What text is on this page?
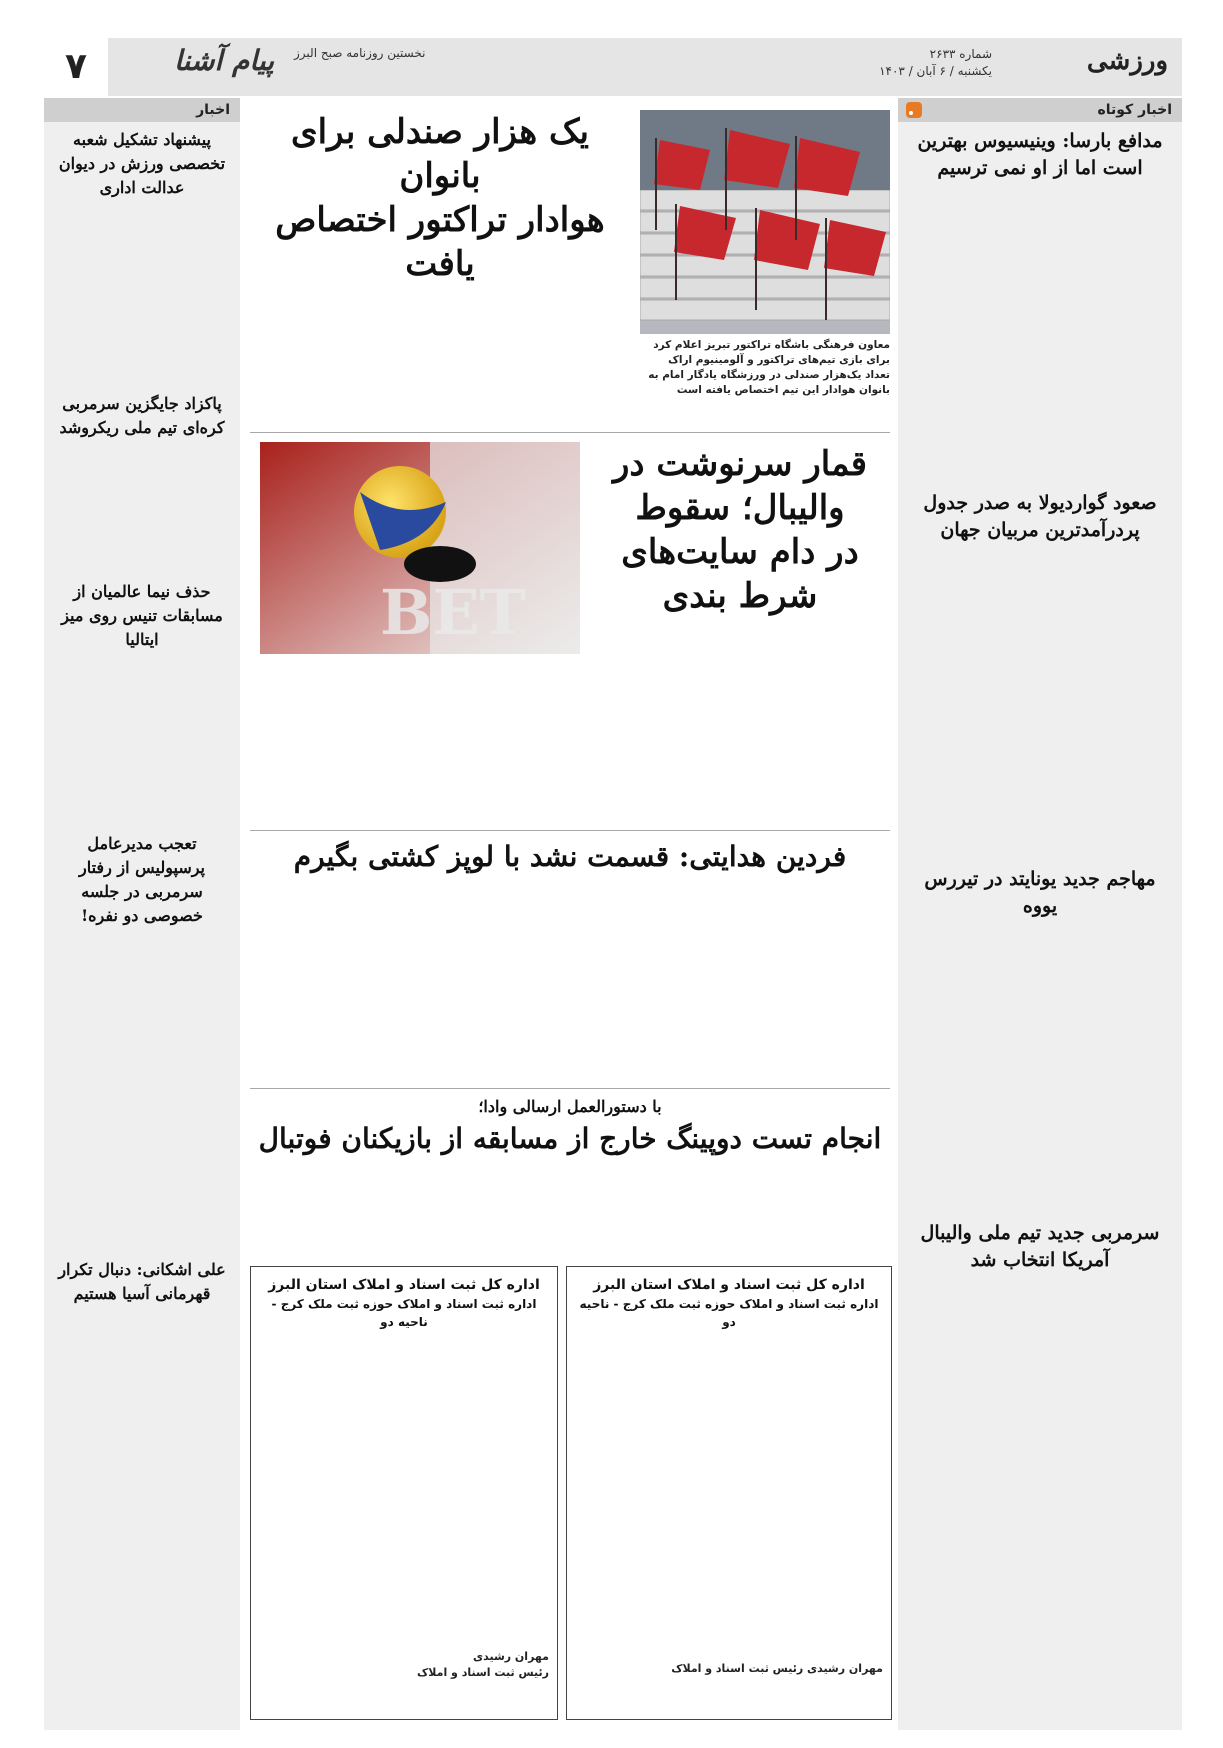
ورزشی
شماره ۲۶۳۳
یکشنبه / ۶ آبان / ۱۴۰۳
۷	پیام آشنا نخستین روزنامه صبح البرز
اخبار کوتاه
مدافع بارسا: وینیسیوس بهترین است اما از او نمی ترسیم
صعود گواردیولا به صدر جدول پردرآمدترین مربیان جهان
مهاجم جدید یونایتد در تیررس یووه
سرمربی جدید تیم ملی والیبال آمریکا انتخاب شد
اخبار
پیشنهاد تشکیل شعبه تخصصی ورزش در دیوان عدالت اداری
پاکزاد جایگزین سرمربی کره‌ای تیم ملی ریکروشد
حذف نیما عالمیان از مسابقات تنیس روی میز ایتالیا
تعجب مدیرعامل پرسپولیس از رفتار سرمربی در جلسه خصوصی دو نفره!
علی اشکانی: دنبال تکرار قهرمانی آسیا هستیم
یک هزار صندلی برای بانوان
هوادار تراکتور اختصاص یافت
معاون فرهنگی باشگاه تراکتور تبریز اعلام کرد برای بازی تیم‌های تراکتور و آلومینیوم اراک تعداد یک‌هزار صندلی در ورزشگاه یادگار امام به بانوان هوادار این تیم اختصاص یافته است
قمار سرنوشت در والیبال؛ سقوط
در دام سایت‌های شرط بندی
BET
فردین هدایتی: قسمت نشد با لوپز کشتی بگیرم
با دستورالعمل ارسالی وادا؛
انجام تست دوپینگ خارج از مسابقه از بازیکنان فوتبال
اداره کل ثبت اسناد و املاک استان البرز
اداره ثبت اسناد و املاک حوزه ثبت ملک کرج - ناحیه دو
مهران رشیدی
رئیس ثبت اسناد و املاک
اداره کل ثبت اسناد و املاک استان البرز
اداره ثبت اسناد و املاک حوزه ثبت ملک کرج - ناحیه دو
مهران رشیدی رئیس ثبت اسناد و املاک
